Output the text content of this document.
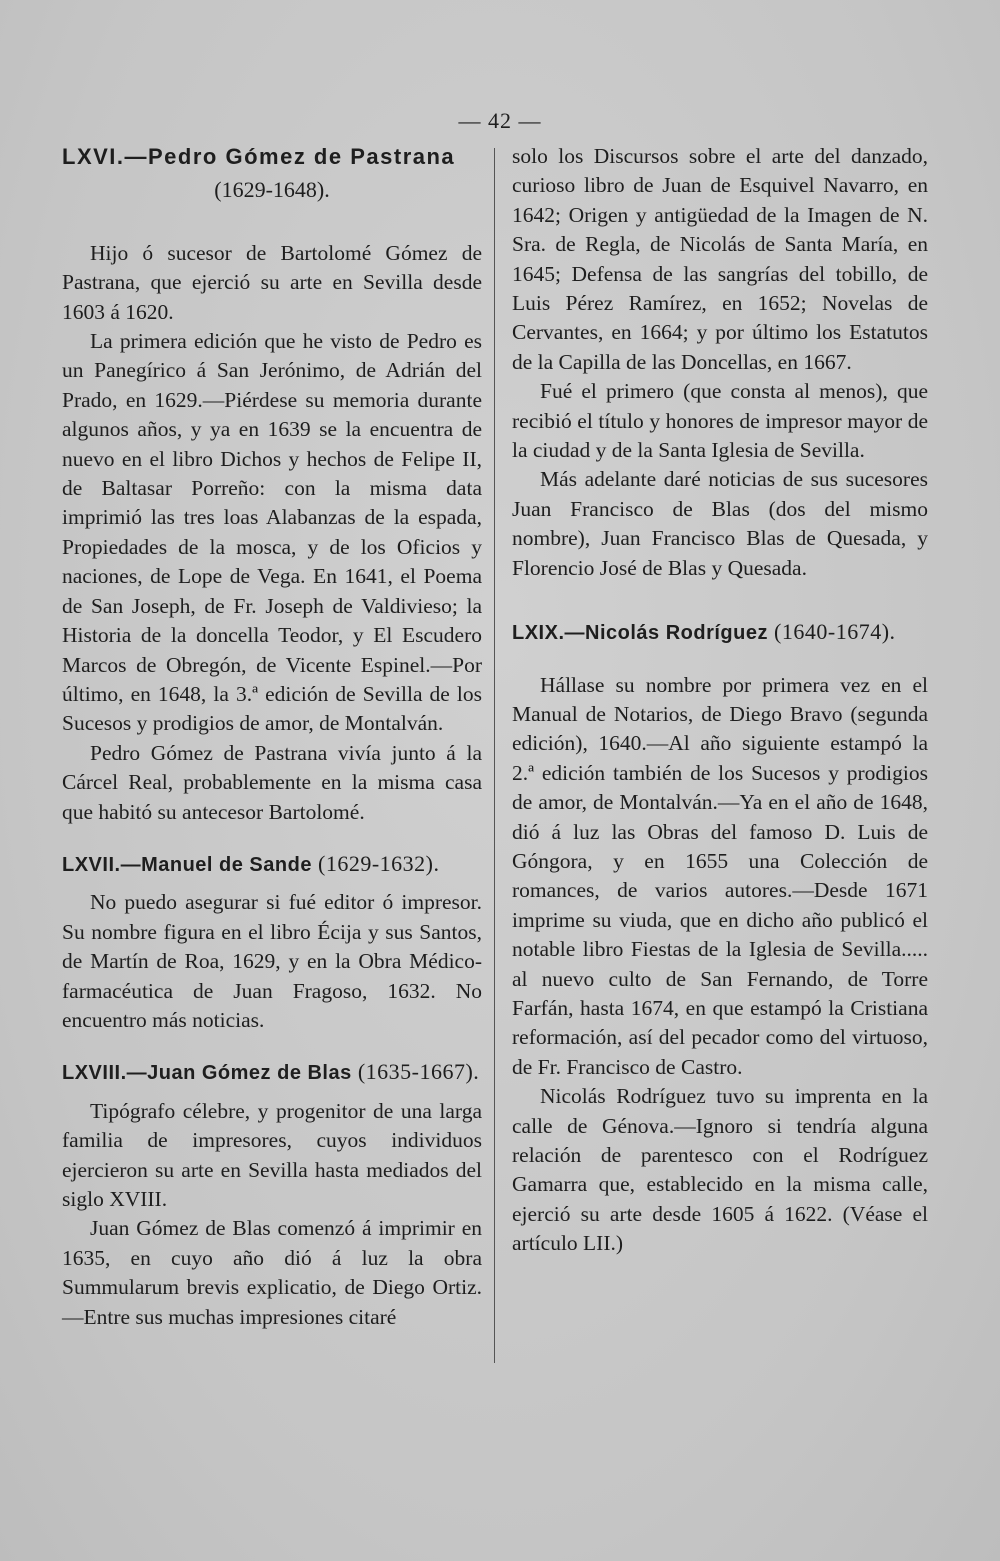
— 42 —
LXVI.—Pedro Gómez de Pastrana
(1629-1648).

Hijo ó sucesor de Bartolomé Gómez de Pastrana, que ejerció su arte en Sevilla desde 1603 á 1620.

La primera edición que he visto de Pedro es un Panegírico á San Jerónimo, de Adrián del Prado, en 1629.—Piérdese su memoria durante algunos años, y ya en 1639 se la encuentra de nuevo en el libro Dichos y hechos de Felipe II, de Baltasar Porreño: con la misma data imprimió las tres loas Alabanzas de la espada, Propiedades de la mosca, y de los Oficios y naciones, de Lope de Vega. En 1641, el Poema de San Joseph, de Fr. Joseph de Valdivieso; la Historia de la doncella Teodor, y El Escudero Marcos de Obregón, de Vicente Espinel.—Por último, en 1648, la 3.ª edición de Sevilla de los Sucesos y prodigios de amor, de Montalván.

Pedro Gómez de Pastrana vivía junto á la Cárcel Real, probablemente en la misma casa que habitó su antecesor Bartolomé.

LXVII.—Manuel de Sande (1629-1632).

No puedo asegurar si fué editor ó impresor. Su nombre figura en el libro Écija y sus Santos, de Martín de Roa, 1629, y en la Obra Médico-farmacéutica de Juan Fragoso, 1632. No encuentro más noticias.

LXVIII.—Juan Gómez de Blas (1635-1667).

Tipógrafo célebre, y progenitor de una larga familia de impresores, cuyos individuos ejercieron su arte en Sevilla hasta mediados del siglo XVIII.

Juan Gómez de Blas comenzó á imprimir en 1635, en cuyo año dió á luz la obra Summularum brevis explicatio, de Diego Ortiz.—Entre sus muchas impresiones citaré

solo los Discursos sobre el arte del danzado, curioso libro de Juan de Esquivel Navarro, en 1642; Origen y antigüedad de la Imagen de N. Sra. de Regla, de Nicolás de Santa María, en 1645; Defensa de las sangrías del tobillo, de Luis Pérez Ramírez, en 1652; Novelas de Cervantes, en 1664; y por último los Estatutos de la Capilla de las Doncellas, en 1667.

Fué el primero (que consta al menos), que recibió el título y honores de impresor mayor de la ciudad y de la Santa Iglesia de Sevilla.

Más adelante daré noticias de sus sucesores Juan Francisco de Blas (dos del mismo nombre), Juan Francisco Blas de Quesada, y Florencio José de Blas y Quesada.

LXIX.—Nicolás Rodríguez (1640-1674).

Hállase su nombre por primera vez en el Manual de Notarios, de Diego Bravo (segunda edición), 1640.—Al año siguiente estampó la 2.ª edición también de los Sucesos y prodigios de amor, de Montalván.—Ya en el año de 1648, dió á luz las Obras del famoso D. Luis de Góngora, y en 1655 una Colección de romances, de varios autores.—Desde 1671 imprime su viuda, que en dicho año publicó el notable libro Fiestas de la Iglesia de Sevilla..... al nuevo culto de San Fernando, de Torre Farfán, hasta 1674, en que estampó la Cristiana reformación, así del pecador como del virtuoso, de Fr. Francisco de Castro.

Nicolás Rodríguez tuvo su imprenta en la calle de Génova.—Ignoro si tendría alguna relación de parentesco con el Rodríguez Gamarra que, establecido en la misma calle, ejerció su arte desde 1605 á 1622. (Véase el artículo LII.)
